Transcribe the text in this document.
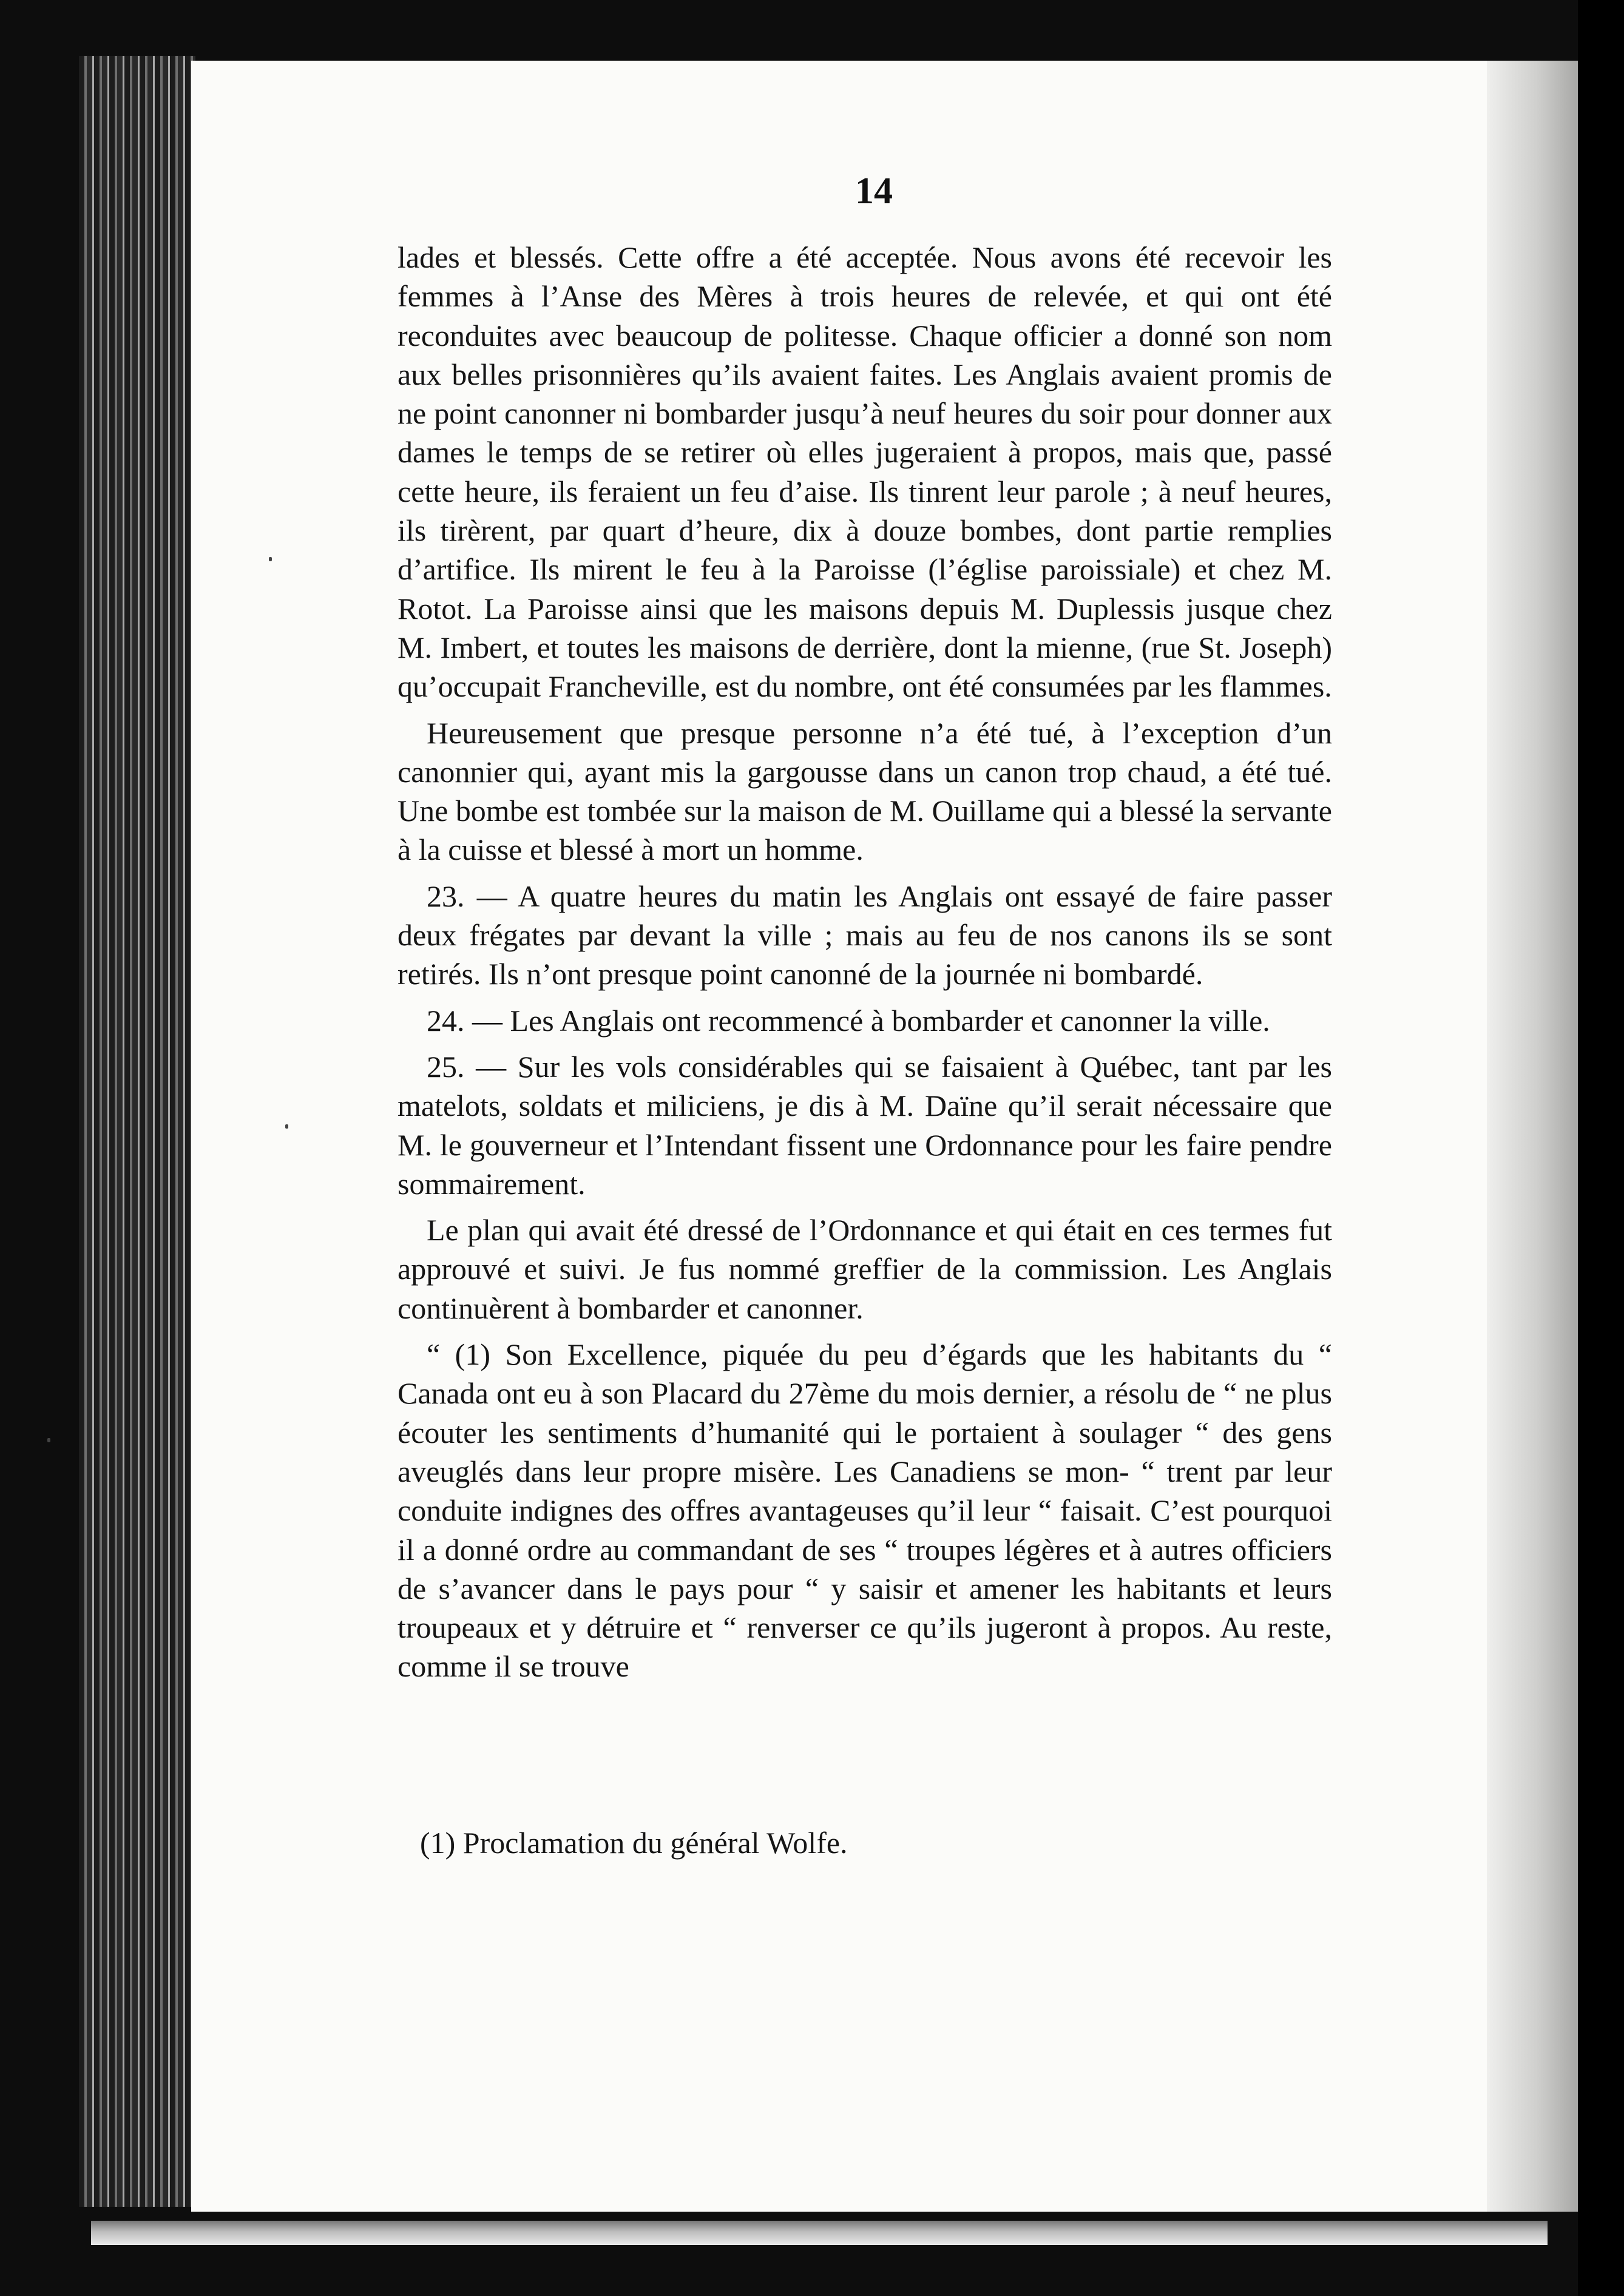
14

lades et blessés. Cette offre a été acceptée. Nous avons été recevoir les femmes à l’Anse des Mères à trois heures de relevée, et qui ont été reconduites avec beaucoup de politesse. Chaque officier a donné son nom aux belles prisonnières qu’ils avaient faites. Les Anglais avaient promis de ne point canonner ni bombarder jusqu’à neuf heures du soir pour donner aux dames le temps de se retirer où elles jugeraient à propos, mais que, passé cette heure, ils feraient un feu d’aise. Ils tinrent leur parole ; à neuf heures, ils tirèrent, par quart d’heure, dix à douze bombes, dont partie remplies d’artifice. Ils mirent le feu à la Paroisse (l’église paroissiale) et chez M. Rotot. La Paroisse ainsi que les maisons depuis M. Duplessis jusque chez M. Imbert, et toutes les maisons de derrière, dont la mienne, (rue St. Joseph) qu’occupait Francheville, est du nombre, ont été consumées par les flammes.

Heureusement que presque personne n’a été tué, à l’exception d’un canonnier qui, ayant mis la gargousse dans un canon trop chaud, a été tué. Une bombe est tombée sur la maison de M. Ouillame qui a blessé la servante à la cuisse et blessé à mort un homme.

23. — A quatre heures du matin les Anglais ont essayé de faire passer deux frégates par devant la ville ; mais au feu de nos canons ils se sont retirés. Ils n’ont presque point canonné de la journée ni bombardé.

24. — Les Anglais ont recommencé à bombarder et canonner la ville.

25. — Sur les vols considérables qui se faisaient à Québec, tant par les matelots, soldats et miliciens, je dis à M. Daïne qu’il serait nécessaire que M. le gouverneur et l’Intendant fissent une Ordonnance pour les faire pendre sommairement.

Le plan qui avait été dressé de l’Ordonnance et qui était en ces termes fut approuvé et suivi. Je fus nommé greffier de la commission. Les Anglais continuèrent à bombarder et canonner.

“ (1) Son Excellence, piquée du peu d’égards que les habitants du “ Canada ont eu à son Placard du 27ème du mois dernier, a résolu de “ ne plus écouter les sentiments d’humanité qui le portaient à soulager “ des gens aveuglés dans leur propre misère. Les Canadiens se mon- “ trent par leur conduite indignes des offres avantageuses qu’il leur “ faisait. C’est pourquoi il a donné ordre au commandant de ses “ troupes légères et à autres officiers de s’avancer dans le pays pour “ y saisir et amener les habitants et leurs troupeaux et y détruire et “ renverser ce qu’ils jugeront à propos. Au reste, comme il se trouve

(1) Proclamation du général Wolfe.
